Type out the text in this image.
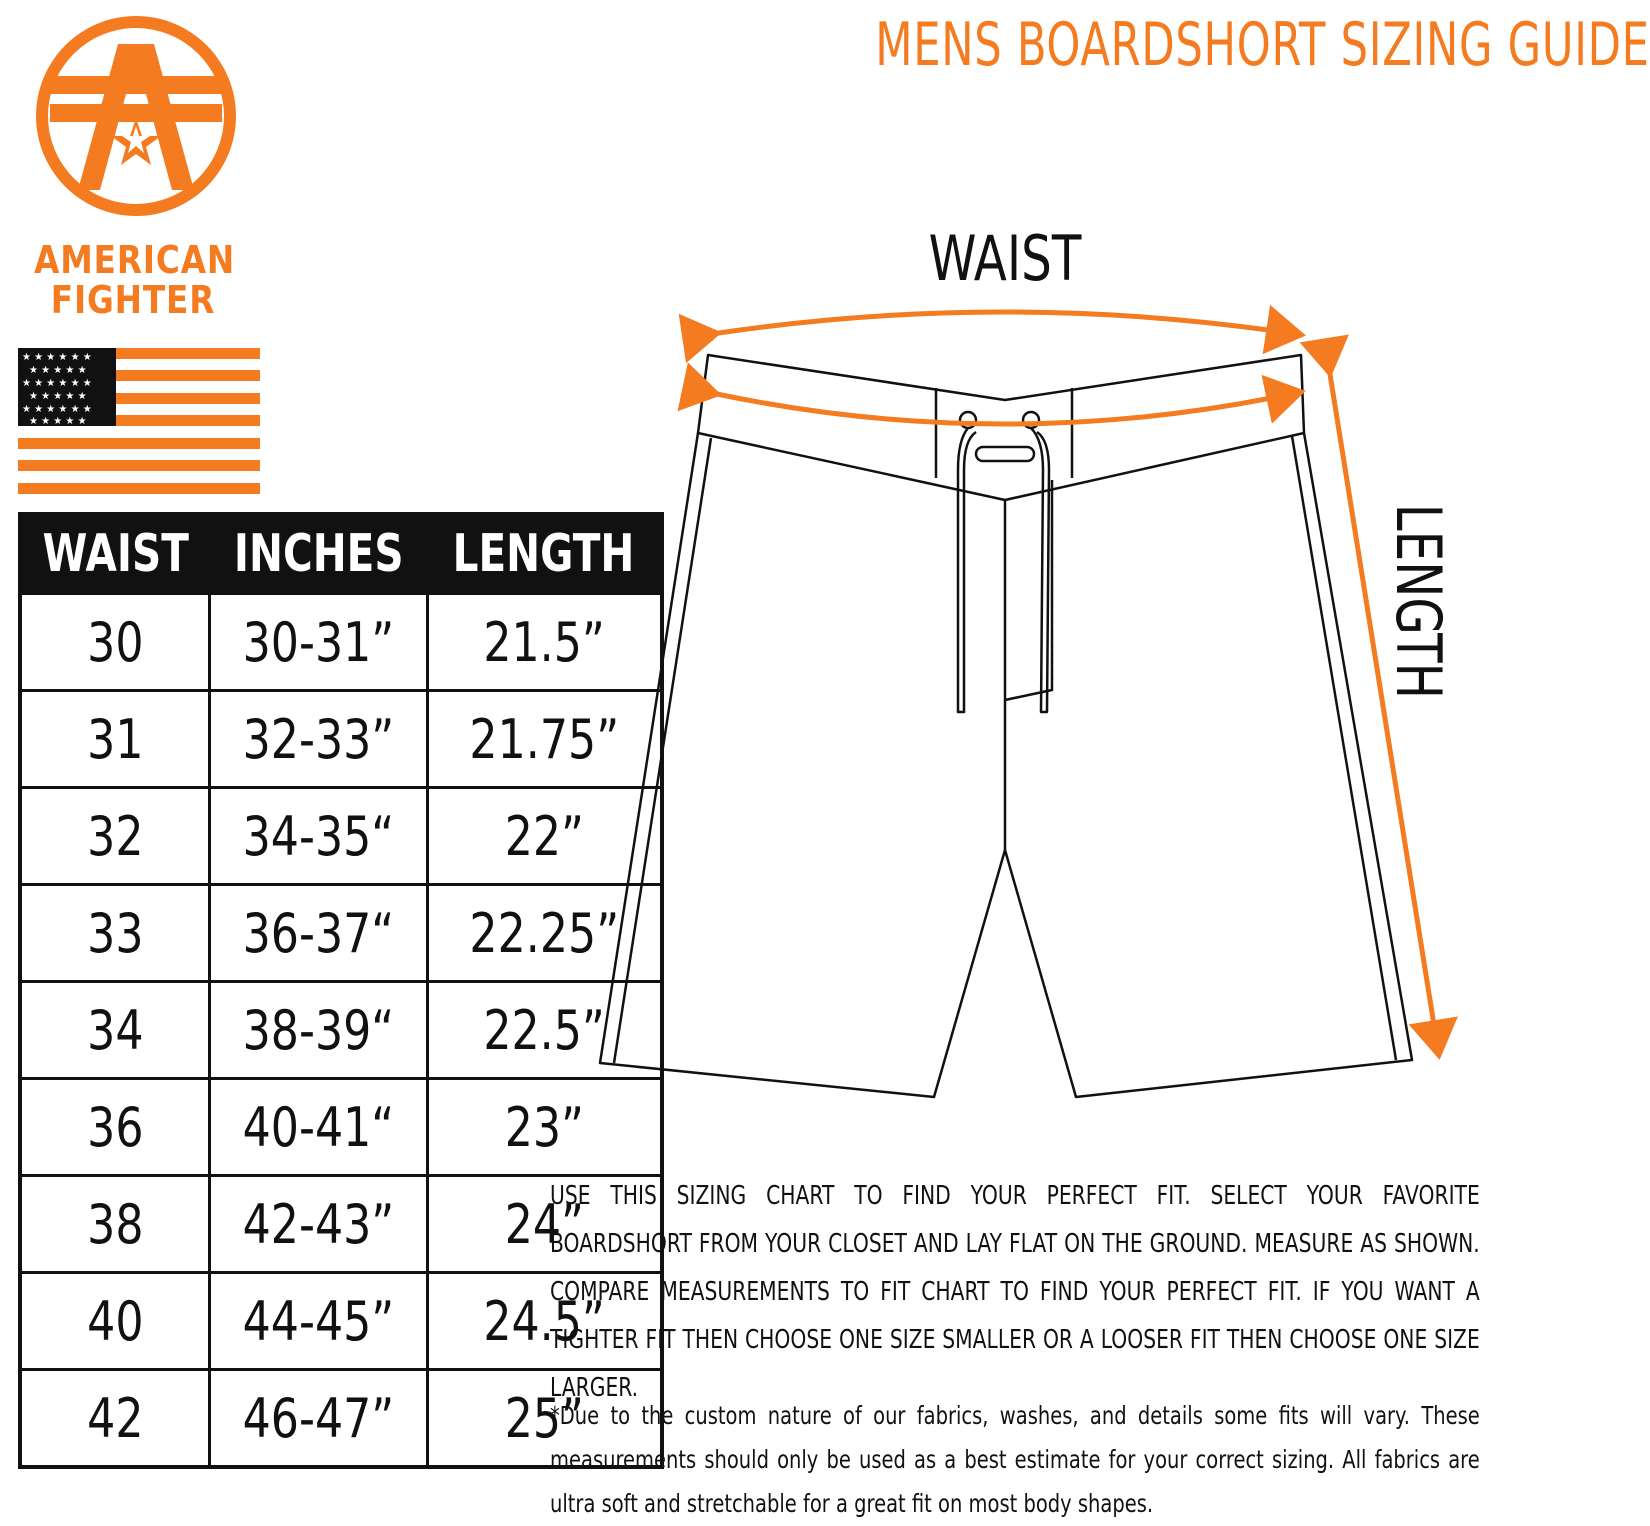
MENS BOARDSHORT SIZING GUIDE
AMERICAN
FIGHTER
★ ★ ★ ★ ★ ★
★ ★ ★ ★ ★
★ ★ ★ ★ ★ ★
★ ★ ★ ★ ★
★ ★ ★ ★ ★ ★
★ ★ ★ ★ ★
WAIST	INCHES	LENGTH
30	30-31”	21.5”
31	32-33”	21.75”
32	34-35“	22”
33	36-37“	22.25”
34	38-39“	22.5”
36	40-41“	23”
38	42-43”	24”
40	44-45”	24.5”
42	46-47”	25”
WAIST
LENGTH
USE THIS SIZING CHART TO FIND YOUR PERFECT FIT. SELECT YOUR FAVORITE BOARDSHORT FROM YOUR CLOSET AND LAY FLAT ON THE GROUND. MEASURE AS SHOWN. COMPARE MEASUREMENTS TO FIT CHART TO FIND YOUR PERFECT FIT. IF YOU WANT A TIGHTER FIT THEN CHOOSE ONE SIZE SMALLER OR A LOOSER FIT THEN CHOOSE ONE SIZE LARGER.
*Due to the custom nature of our fabrics, washes, and details some fits will vary. These measurements should only be used as a best estimate for your correct sizing. All fabrics are ultra soft and stretchable for a great fit on most body shapes.
